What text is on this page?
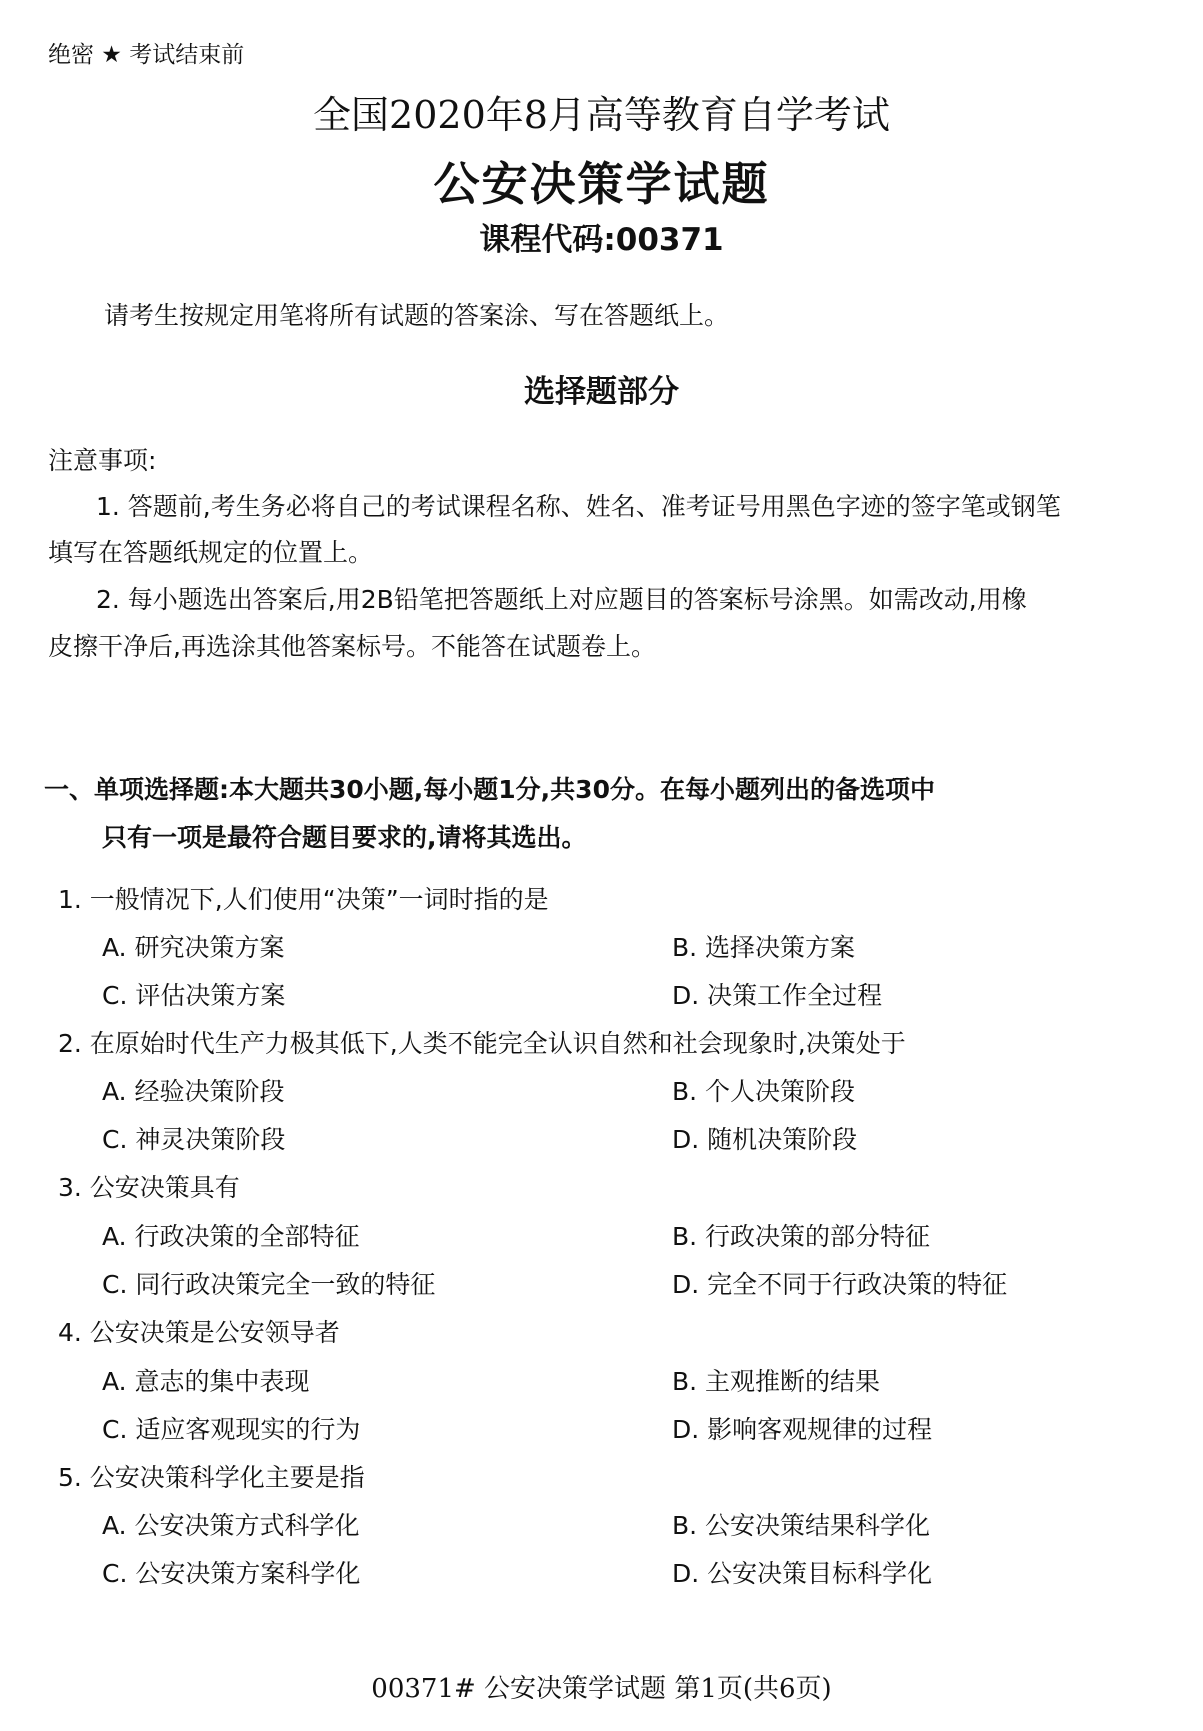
绝密 ★ 考试结束前
全国2020年8月高等教育自学考试
公安决策学试题
课程代码:00371
请考生按规定用笔将所有试题的答案涂、写在答题纸上。
选择题部分
注意事项:
1. 答题前,考生务必将自己的考试课程名称、姓名、准考证号用黑色字迹的签字笔或钢笔
填写在答题纸规定的位置上。
2. 每小题选出答案后,用2B铅笔把答题纸上对应题目的答案标号涂黑。如需改动,用橡
皮擦干净后,再选涂其他答案标号。不能答在试题卷上。
一、单项选择题:本大题共30小题,每小题1分,共30分。在每小题列出的备选项中
只有一项是最符合题目要求的,请将其选出。
1. 一般情况下,人们使用“决策”一词时指的是
A. 研究决策方案	B. 选择决策方案
C. 评估决策方案	D. 决策工作全过程
2. 在原始时代生产力极其低下,人类不能完全认识自然和社会现象时,决策处于
A. 经验决策阶段	B. 个人决策阶段
C. 神灵决策阶段	D. 随机决策阶段
3. 公安决策具有
A. 行政决策的全部特征	B. 行政决策的部分特征
C. 同行政决策完全一致的特征	D. 完全不同于行政决策的特征
4. 公安决策是公安领导者
A. 意志的集中表现	B. 主观推断的结果
C. 适应客观现实的行为	D. 影响客观规律的过程
5. 公安决策科学化主要是指
A. 公安决策方式科学化	B. 公安决策结果科学化
C. 公安决策方案科学化	D. 公安决策目标科学化
00371# 公安决策学试题 第1页(共6页)
